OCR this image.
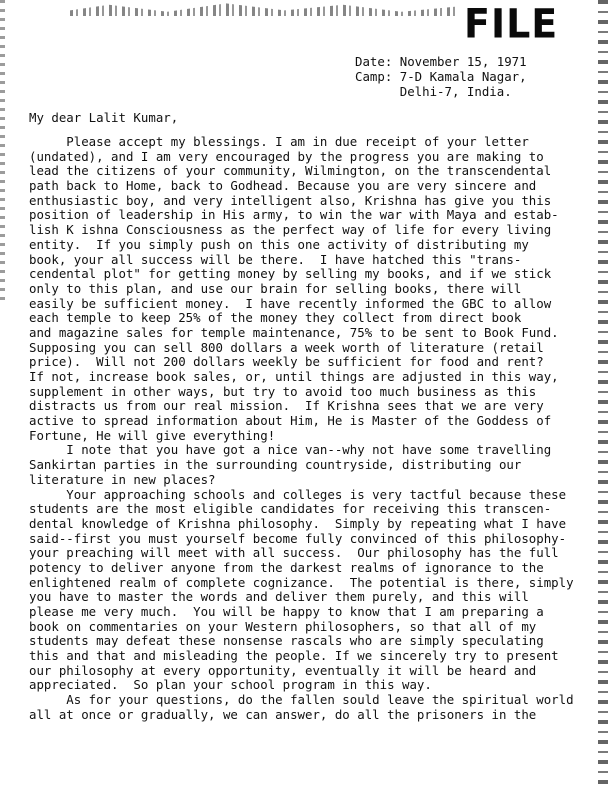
FILE
Date: November 15, 1971
Camp: 7-D Kamala Nagar,
Delhi-7, India.
My dear Lalit Kumar,
Please accept my blessings. I am in due receipt of your letter
(undated), and I am very encouraged by the progress you are making to
lead the citizens of your community, Wilmington, on the transcendental
path back to Home, back to Godhead. Because you are very sincere and
enthusiastic boy, and very intelligent also, Krishna has give you this
position of leadership in His army, to win the war with Maya and estab-
lish K ishna Consciousness as the perfect way of life for every living
entity.  If you simply push on this one activity of distributing my
book, your all success will be there.  I have hatched this "trans-
cendental plot" for getting money by selling my books, and if we stick
only to this plan, and use our brain for selling books, there will
easily be sufficient money.  I have recently informed the GBC to allow
each temple to keep 25% of the money they collect from direct book
and magazine sales for temple maintenance, 75% to be sent to Book Fund.
Supposing you can sell 800 dollars a week worth of literature (retail
price).  Will not 200 dollars weekly be sufficient for food and rent?
If not, increase book sales, or, until things are adjusted in this way,
supplement in other ways, but try to avoid too much business as this
distracts us from our real mission.  If Krishna sees that we are very
active to spread information about Him, He is Master of the Goddess of
Fortune, He will give everything!
I note that you have got a nice van--why not have some travelling
Sankirtan parties in the surrounding countryside, distributing our
literature in new places?
Your approaching schools and colleges is very tactful because these
students are the most eligible candidates for receiving this transcen-
dental knowledge of Krishna philosophy.  Simply by repeating what I have
said--first you must yourself become fully convinced of this philosophy-
your preaching will meet with all success.  Our philosophy has the full
potency to deliver anyone from the darkest realms of ignorance to the
enlightened realm of complete cognizance.  The potential is there, simply
you have to master the words and deliver them purely, and this will
please me very much.  You will be happy to know that I am preparing a
book on commentaries on your Western philosophers, so that all of my
students may defeat these nonsense rascals who are simply speculating
this and that and misleading the people. If we sincerely try to present
our philosophy at every opportunity, eventually it will be heard and
appreciated.  So plan your school program in this way.
As for your questions, do the fallen sould leave the spiritual world
all at once or gradually, we can answer, do all the prisoners in the
